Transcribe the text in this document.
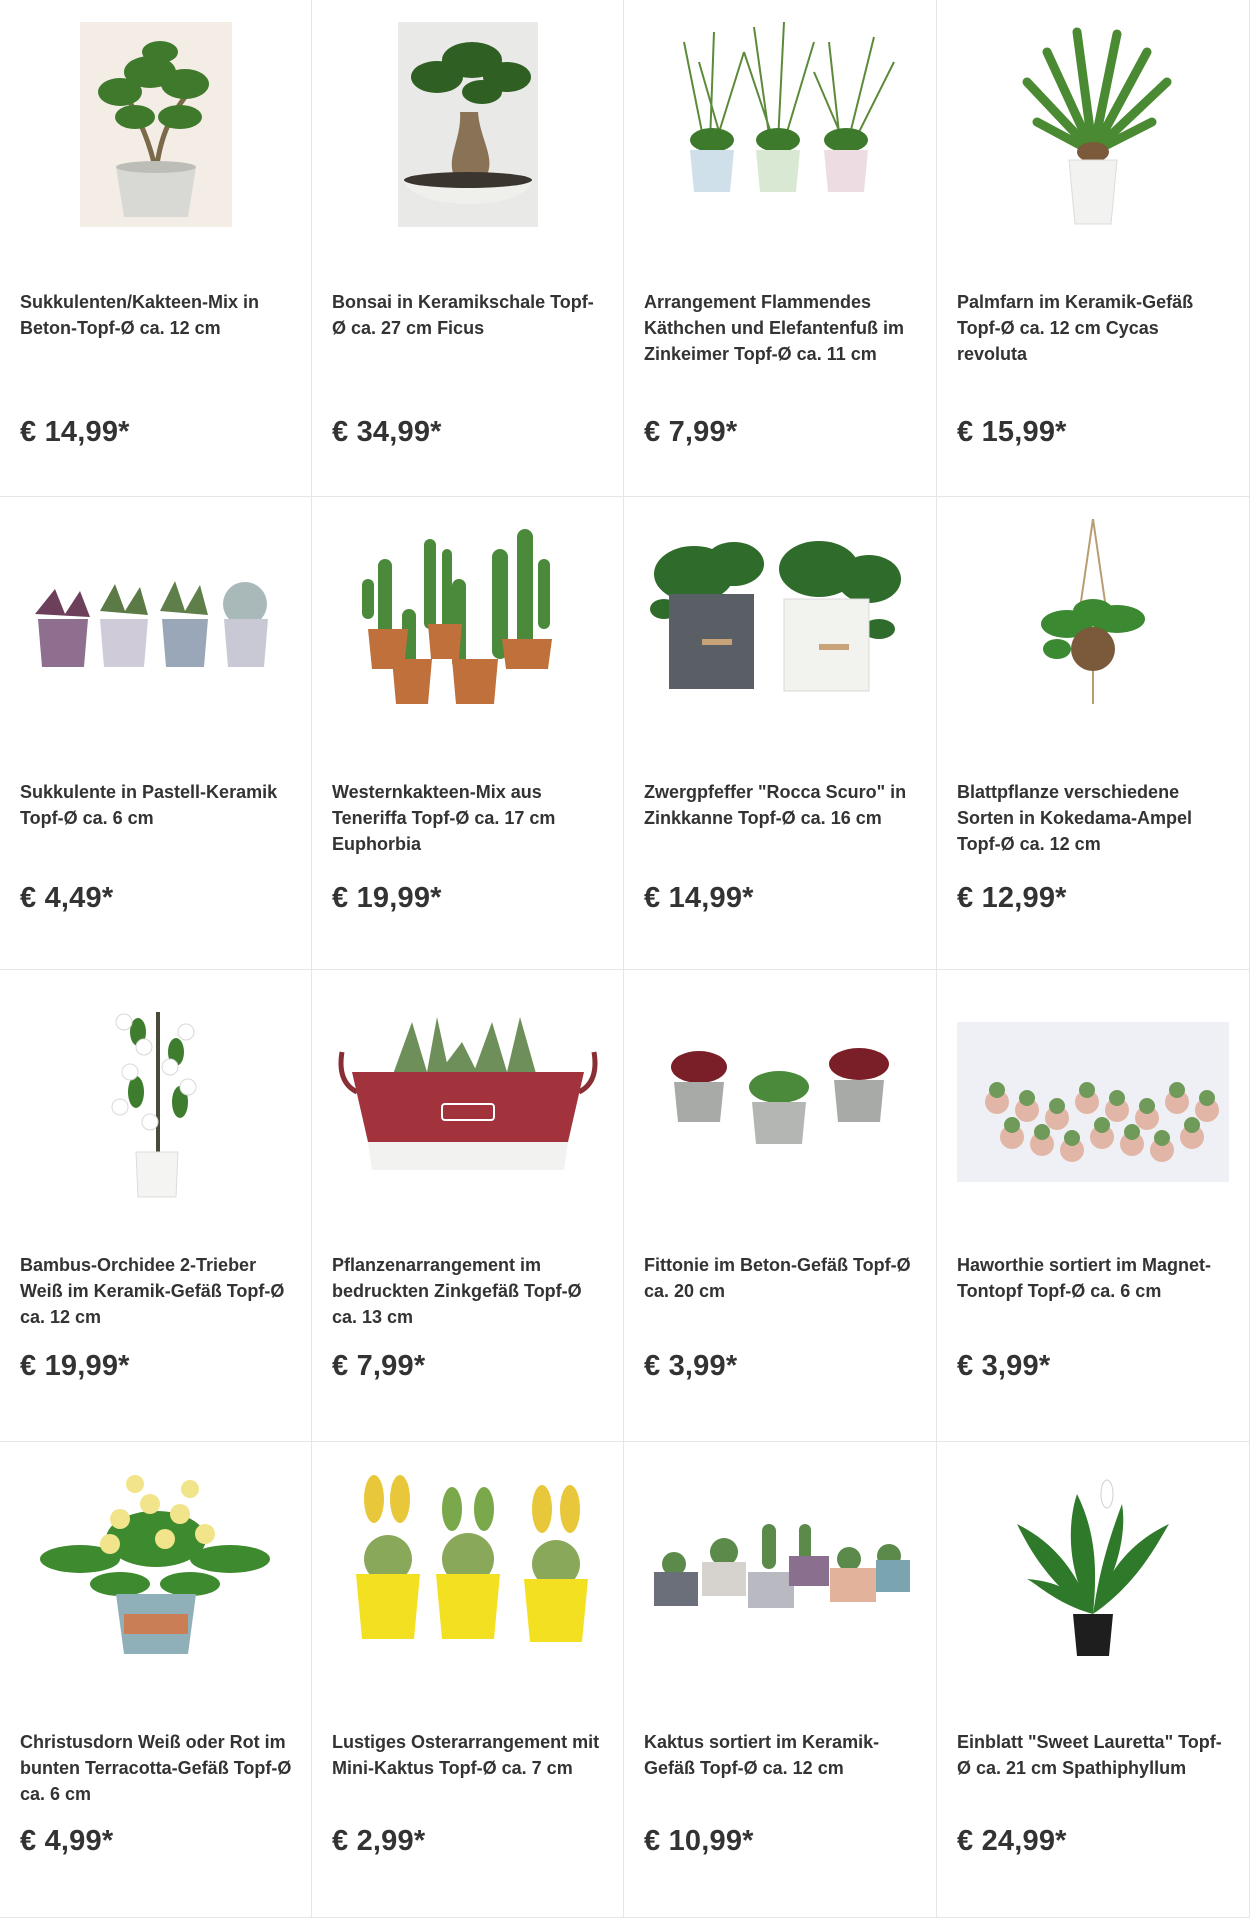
Sukkulenten/Kakteen-Mix in Beton-Topf-Ø ca. 12 cm
€ 14,99*
Bonsai in Keramikschale Topf-Ø ca. 27 cm Ficus
€ 34,99*
Arrangement Flammendes Käthchen und Elefantenfuß im Zinkeimer Topf-Ø ca. 11 cm
€ 7,99*
Palmfarn im Keramik-Gefäß Topf-Ø ca. 12 cm Cycas revoluta
€ 15,99*
Sukkulente in Pastell-Keramik Topf-Ø ca. 6 cm
€ 4,49*
Westernkakteen-Mix aus Teneriffa Topf-Ø ca. 17 cm Euphorbia
€ 19,99*
Zwergpfeffer "Rocca Scuro" in Zinkkanne Topf-Ø ca. 16 cm
€ 14,99*
Blattpflanze verschiedene Sorten in Kokedama-Ampel Topf-Ø ca. 12 cm
€ 12,99*
Bambus-Orchidee 2-Trieber Weiß im Keramik-Gefäß Topf-Ø ca. 12 cm
€ 19,99*
Pflanzenarrangement im bedruckten Zinkgefäß Topf-Ø ca. 13 cm
€ 7,99*
Fittonie im Beton-Gefäß Topf-Ø ca. 20 cm
€ 3,99*
Haworthie sortiert im Magnet-Tontopf Topf-Ø ca. 6 cm
€ 3,99*
Christusdorn Weiß oder Rot im bunten Terracotta-Gefäß Topf-Ø ca. 6 cm
€ 4,99*
Lustiges Osterarrangement mit Mini-Kaktus Topf-Ø ca. 7 cm
€ 2,99*
Kaktus sortiert im Keramik-Gefäß Topf-Ø ca. 12 cm
€ 10,99*
Einblatt "Sweet Lauretta" Topf-Ø ca. 21 cm Spathiphyllum
€ 24,99*
